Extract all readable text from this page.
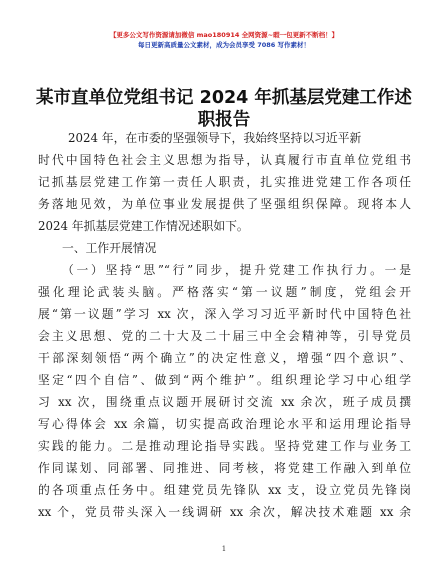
【更多公文写作资源请加微信 mao180914 全网资源~暇一包更新不断档！】
每日更新高质量公文素材，成为会员享受 7086 写作素材！
某市直单位党组书记 2024 年抓基层党建工作述
职报告
2024 年，在市委的坚强领导下，我始终坚持以习近平新
时代中国特色社会主义思想为指导，认真履行市直单位党组书
记抓基层党建工作第一责任人职责，扎实推进党建工作各项任
务落地见效，为单位事业发展提供了坚强组织保障。现将本人
2024 年抓基层党建工作情况述职如下。
一、工作开展情况
（一）坚持“思”“行”同步，提升党建工作执行力。一是
强化理论武装头脑。严格落实“第一议题”制度，党组会开
展“第一议题”学习 xx 次，深入学习习近平新时代中国特色社
会主义思想、党的二十大及二十届三中全会精神等，引导党员
干部深刻领悟“两个确立”的决定性意义，增强“四个意识”、
坚定“四个自信”、做到“两个维护”。组织理论学习中心组学
习 xx 次，围绕重点议题开展研讨交流 xx 余次，班子成员撰
写心得体会 xx 余篇，切实提高政治理论水平和运用理论指导
实践的能力。二是推动理论指导实践。坚持党建工作与业务工
作同谋划、同部署、同推进、同考核，将党建工作融入到单位
的各项重点任务中。组建党员先锋队 xx 支，设立党员先锋岗
xx 个，党员带头深入一线调研 xx 余次，解决技术难题 xx 余
1
